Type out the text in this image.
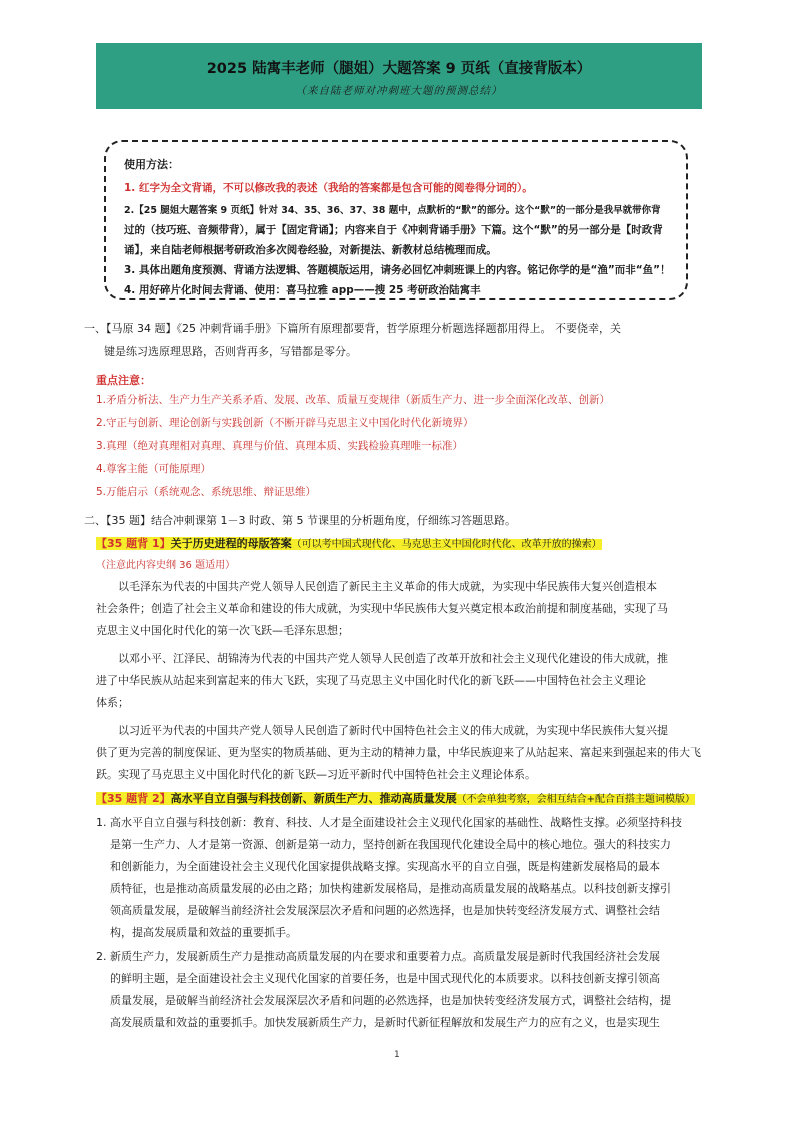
2025 陆寓丰老师（腿姐）大题答案 9 页纸（直接背版本）
（来自陆老师对冲刺班大题的预测总结）
使用方法：
1. 红字为全文背诵，不可以修改我的表述（我给的答案都是包含可能的阅卷得分词的）。
2.【25 腿姐大题答案 9 页纸】针对 34、35、36、37、38 题中，点默析的“默”的部分。这个“默”的一部分是我早就带你背
过的（技巧班、音频带背），属于【固定背诵】；内容来自于《冲刺背诵手册》下篇。这个“默”的另一部分是【时政背
诵】，来自陆老师根据考研政治多次阅卷经验，对新提法、新教材总结梳理而成。
3. 具体出题角度预测、背诵方法逻辑、答题模版运用，请务必回忆冲刺班课上的内容。铭记你学的是“渔”而非“鱼”！
4. 用好碎片化时间去背诵、使用：喜马拉雅 app——搜 25 考研政治陆寓丰
一、【马原 34 题】《25 冲刺背诵手册》下篇所有原理都要背，哲学原理分析题选择题都用得上。 不要侥幸，关
键是练习选原理思路，否则背再多，写错都是零分。
重点注意：
1.矛盾分析法、生产力生产关系矛盾、发展、改革、质量互变规律（新质生产力、进一步全面深化改革、创新）
2.守正与创新、理论创新与实践创新（不断开辟马克思主义中国化时代化新境界）
3.真理（绝对真理相对真理、真理与价值、真理本质、实践检验真理唯一标准）
4.尊客主能（可能原理）
5.万能启示（系统观念、系统思维、辩证思维）
二、【35 题】结合冲刺课第 1－3 时政、第 5 节课里的分析题角度，仔细练习答题思路。
【35 题背 1】关于历史进程的母版答案（可以考中国式现代化、马克思主义中国化时代化、改革开放的操索）
（注意此内容史纲 36 题适用）
以毛泽东为代表的中国共产党人领导人民创造了新民主主义革命的伟大成就，为实现中华民族伟大复兴创造根本
社会条件；创造了社会主义革命和建设的伟大成就，为实现中华民族伟大复兴奠定根本政治前提和制度基础，实现了马
克思主义中国化时代化的第一次飞跃—毛泽东思想；
以邓小平、江泽民、胡锦涛为代表的中国共产党人领导人民创造了改革开放和社会主义现代化建设的伟大成就，推
进了中华民族从站起来到富起来的伟大飞跃，实现了马克思主义中国化时代化的新飞跃——中国特色社会主义理论
体系；
以习近平为代表的中国共产党人领导人民创造了新时代中国特色社会主义的伟大成就，为实现中华民族伟大复兴提
供了更为完善的制度保证、更为坚实的物质基础、更为主动的精神力量，中华民族迎来了从站起来、富起来到强起来的伟大飞
跃。实现了马克思主义中国化时代化的新飞跃—习近平新时代中国特色社会主义理论体系。
【35 题背 2】高水平自立自强与科技创新、新质生产力、推动高质量发展（不会单独考察，会相互结合+配合百搭主题词模版）
1. 高水平自立自强与科技创新：教育、科技、人才是全面建设社会主义现代化国家的基础性、战略性支撑。必须坚持科技
是第一生产力、人才是第一资源、创新是第一动力，坚持创新在我国现代化建设全局中的核心地位。强大的科技实力
和创新能力，为全面建设社会主义现代化国家提供战略支撑。实现高水平的自立自强，既是构建新发展格局的最本
质特征，也是推动高质量发展的必由之路；加快构建新发展格局，是推动高质量发展的战略基点。以科技创新支撑引
领高质量发展，是破解当前经济社会发展深层次矛盾和问题的必然选择，也是加快转变经济发展方式、调整社会结
构，提高发展质量和效益的重要抓手。
2. 新质生产力，发展新质生产力是推动高质量发展的内在要求和重要着力点。高质量发展是新时代我国经济社会发展
的鲜明主题，是全面建设社会主义现代化国家的首要任务，也是中国式现代化的本质要求。以科技创新支撑引领高
质量发展，是破解当前经济社会发展深层次矛盾和问题的必然选择，也是加快转变经济发展方式，调整社会结构，提
高发展质量和效益的重要抓手。加快发展新质生产力，是新时代新征程解放和发展生产力的应有之义，也是实现生
1
